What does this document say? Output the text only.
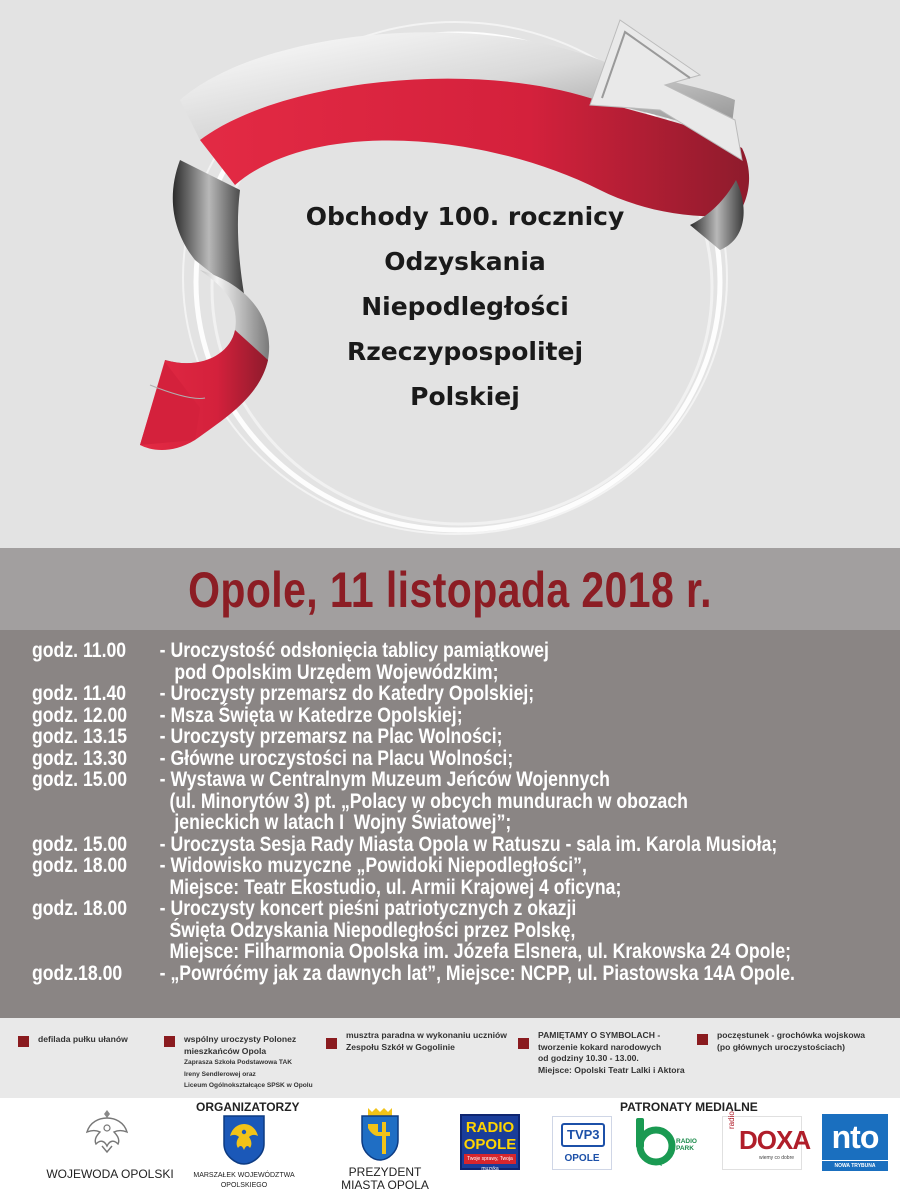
Obchody 100. rocznicy
Odzyskania
Niepodległości
Rzeczypospolitej
Polskiej
Opole, 11 listopada 2018 r.
godz. 11.00	- Uroczystość odsłonięcia tablicy pamiątkowej
pod Opolskim Urzędem Wojewódzkim;
godz. 11.40	- Uroczysty przemarsz do Katedry Opolskiej;
godz. 12.00	- Msza Święta w Katedrze Opolskiej;
godz. 13.15	- Uroczysty przemarsz na Plac Wolności;
godz. 13.30	- Główne uroczystości na Placu Wolności;
godz. 15.00	- Wystawa w Centralnym Muzeum Jeńców Wojennych
(ul. Minorytów 3) pt. „Polacy w obcych mundurach w obozach
jenieckich w latach I  Wojny Światowej”;
godz. 15.00	- Uroczysta Sesja Rady Miasta Opola w Ratuszu - sala im. Karola Musioła;
godz. 18.00	- Widowisko muzyczne „Powidoki Niepodległości”,
Miejsce: Teatr Ekostudio, ul. Armii Krajowej 4 oficyna;
godz. 18.00	- Uroczysty koncert pieśni patriotycznych z okazji
Święta Odzyskania Niepodległości przez Polskę,
Miejsce: Filharmonia Opolska im. Józefa Elsnera, ul. Krakowska 24 Opole;
godz.18.00	- „Powróćmy jak za dawnych lat”, Miejsce: NCPP, ul. Piastowska 14A Opole.
defilada pułku ułanów	wspólny uroczysty Polonez
mieszkańców Opola
Zaprasza Szkoła Podstawowa TAK
Ireny Sendlerowej oraz
Liceum Ogólnokształcące SPSK w Opolu
musztra paradna w wykonaniu uczniów
Zespołu Szkół w Gogolinie
PAMIĘTAMY O SYMBOLACH -
tworzenie kokard narodowych
od godziny 10.30 - 13.00.
Miejsce: Opolski Teatr Lalki i Aktora
poczęstunek - grochówka wojskowa
(po głównych uroczystościach)
ORGANIZATORZY	PATRONATY MEDIALNE
WOJEWODA OPOLSKI	MARSZAŁEK WOJEWÓDZTWA
OPOLSKIEGO
PREZYDENT
MIASTA OPOLA
RADIO
OPOLE
Twoje sprawy, Twoja muzyka
TVP3
OPOLE
RADIO
PARK
radio
DOXA
wiemy co dobre
nto
NOWA TRYBUNA OPOLSKA
